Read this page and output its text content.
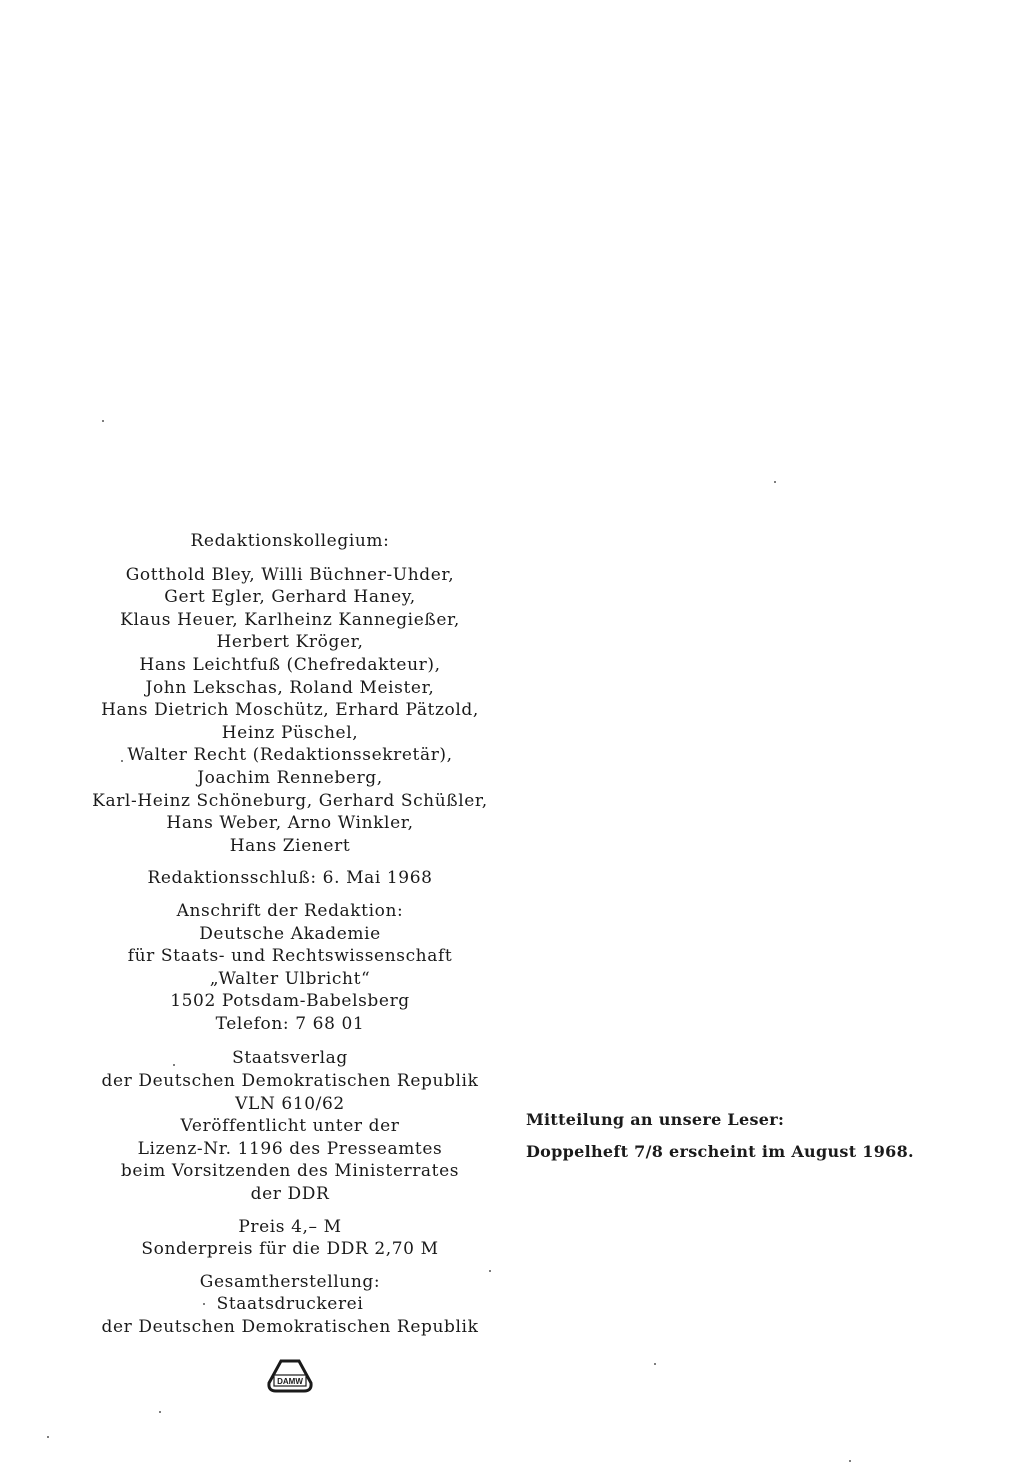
Redaktionskollegium:
Gotthold Bley, Willi Büchner-Uhder,
Gert Egler, Gerhard Haney,
Klaus Heuer, Karlheinz Kannegießer,
Herbert Kröger,
Hans Leichtfuß (Chefredakteur),
John Lekschas, Roland Meister,
Hans Dietrich Moschütz, Erhard Pätzold,
Heinz Püschel,
Walter Recht (Redaktionssekretär),
Joachim Renneberg,
Karl-Heinz Schöneburg, Gerhard Schüßler,
Hans Weber, Arno Winkler,
Hans Zienert
Redaktionsschluß: 6. Mai 1968
Anschrift der Redaktion:
Deutsche Akademie
für Staats- und Rechtswissenschaft
„Walter Ulbricht“
1502 Potsdam-Babelsberg
Telefon: 7 68 01
Staatsverlag
der Deutschen Demokratischen Republik
VLN 610/62
Veröffentlicht unter der
Lizenz-Nr. 1196 des Presseamtes
beim Vorsitzenden des Ministerrates
der DDR
Preis 4,– M
Sonderpreis für die DDR 2,70 M
Gesamtherstellung:
Staatsdruckerei
der Deutschen Demokratischen Republik
Mitteilung an unsere Leser:
Doppelheft 7/8 erscheint im August 1968.
DAMW
